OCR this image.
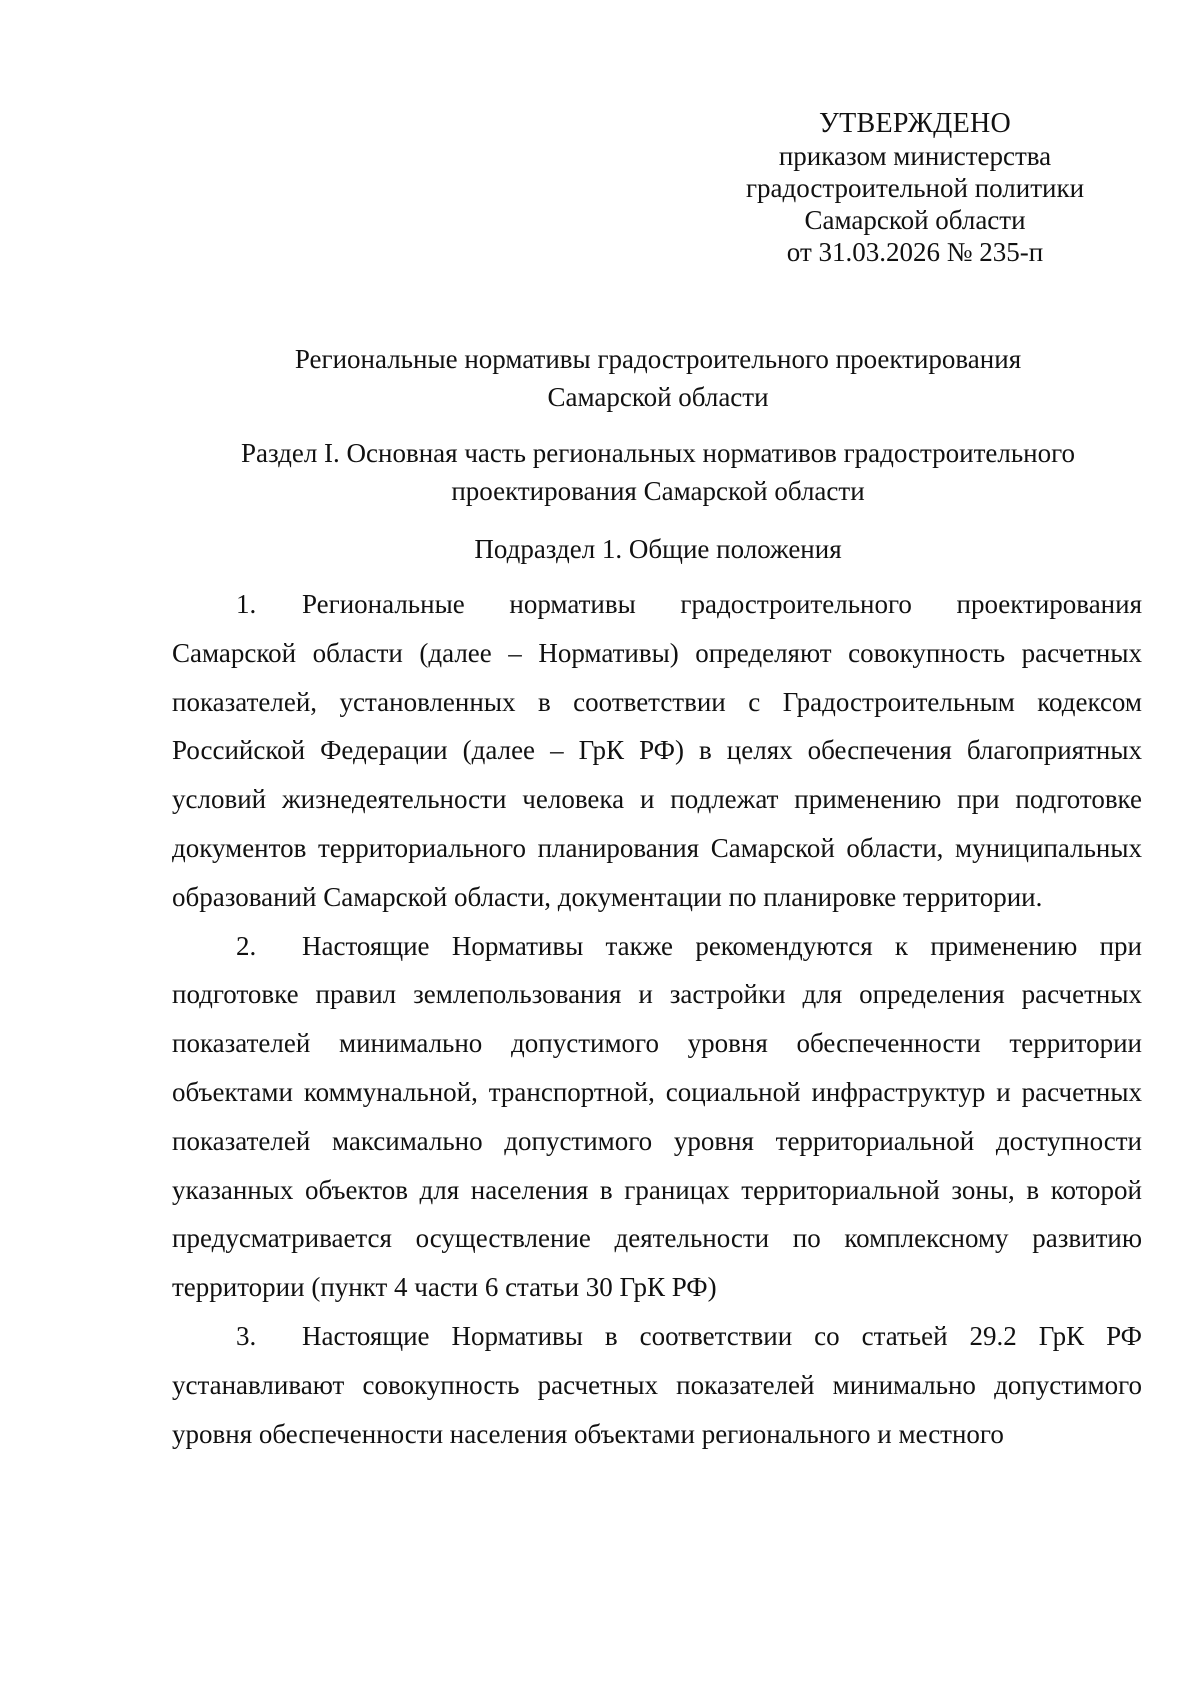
УТВЕРЖДЕНО
приказом министерства
градостроительной политики
Самарской области
от 31.03.2026 № 235-п
Региональные нормативы градостроительного проектирования
Самарской области
Раздел I. Основная часть региональных нормативов градостроительного
проектирования Самарской области
Подраздел 1. Общие положения

1. Региональные нормативы градостроительного проектирования Самарской области (далее – Нормативы) определяют совокупность расчетных показателей, установленных в соответствии с Градостроительным кодексом Российской Федерации (далее – ГрК РФ) в целях обеспечения благоприятных условий жизнедеятельности человека и подлежат применению при подготовке документов территориального планирования Самарской области, муниципальных образований Самарской области, документации по планировке территории.

2. Настоящие Нормативы также рекомендуются к применению при подготовке правил землепользования и застройки для определения расчетных показателей минимально допустимого уровня обеспеченности территории объектами коммунальной, транспортной, социальной инфраструктур и расчетных показателей максимально допустимого уровня территориальной доступности указанных объектов для населения в границах территориальной зоны, в которой предусматривается осуществление деятельности по комплексному развитию территории (пункт 4 части 6 статьи 30 ГрК РФ)

3. Настоящие Нормативы в соответствии со статьей 29.2 ГрК РФ устанавливают совокупность расчетных показателей минимально допустимого уровня обеспеченности населения объектами регионального и местного
